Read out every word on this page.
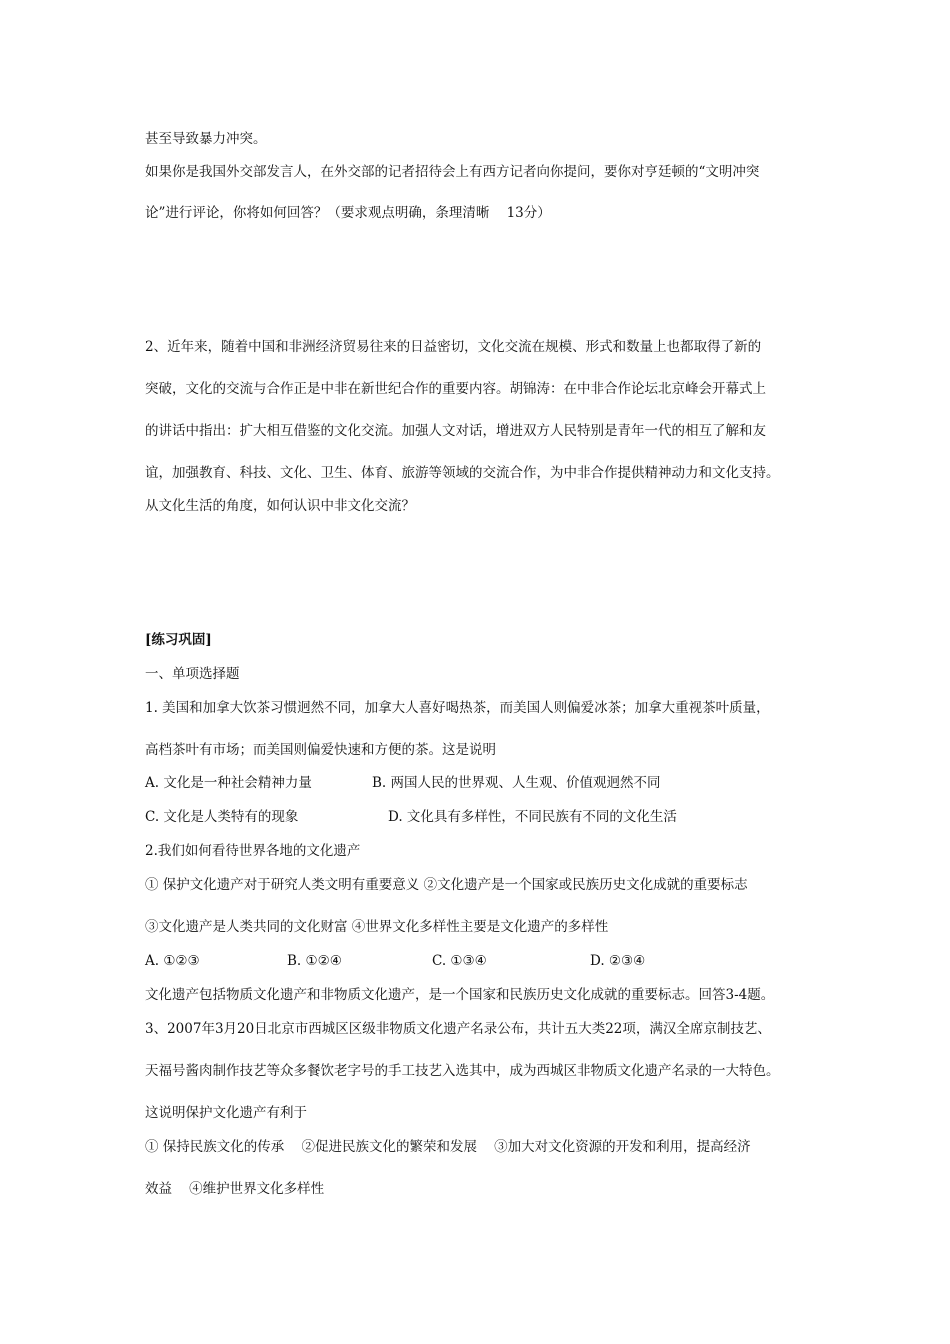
甚至导致暴力冲突。

如果你是我国外交部发言人，在外交部的记者招待会上有西方记者向你提问，要你对亨廷顿的“文明冲突

论”进行评论，你将如何回答？（要求观点明确，条理清晰    13分）

2、近年来，随着中国和非洲经济贸易往来的日益密切，文化交流在规模、形式和数量上也都取得了新的

突破，文化的交流与合作正是中非在新世纪合作的重要内容。胡锦涛：在中非合作论坛北京峰会开幕式上

的讲话中指出：扩大相互借鉴的文化交流。加强人文对话，增进双方人民特别是青年一代的相互了解和友

谊，加强教育、科技、文化、卫生、体育、旅游等领域的交流合作，为中非合作提供精神动力和文化支持。

从文化生活的角度，如何认识中非文化交流？

[练习巩固]

一、单项选择题

1. 美国和加拿大饮茶习惯迥然不同，加拿大人喜好喝热茶，而美国人则偏爱冰茶；加拿大重视茶叶质量，

高档茶叶有市场；而美国则偏爱快速和方便的茶。这是说明

A. 文化是一种社会精神力量	B. 两国人民的世界观、人生观、价值观迥然不同

C. 文化是人类特有的现象	D. 文化具有多样性，不同民族有不同的文化生活

2.我们如何看待世界各地的文化遗产

① 保护文化遗产对于研究人类文明有重要意义 ②文化遗产是一个国家或民族历史文化成就的重要标志

③文化遗产是人类共同的文化财富 ④世界文化多样性主要是文化遗产的多样性

A. ①②③	B. ①②④	C. ①③④	D. ②③④

文化遗产包括物质文化遗产和非物质文化遗产，是一个国家和民族历史文化成就的重要标志。回答3-4题。

3、2007年3月20日北京市西城区区级非物质文化遗产名录公布，共计五大类22项，满汉全席京制技艺、

天福号酱肉制作技艺等众多餐饮老字号的手工技艺入选其中，成为西城区非物质文化遗产名录的一大特色。

这说明保护文化遗产有利于

① 保持民族文化的传承    ②促进民族文化的繁荣和发展    ③加大对文化资源的开发和利用，提高经济

效益    ④维护世界文化多样性
